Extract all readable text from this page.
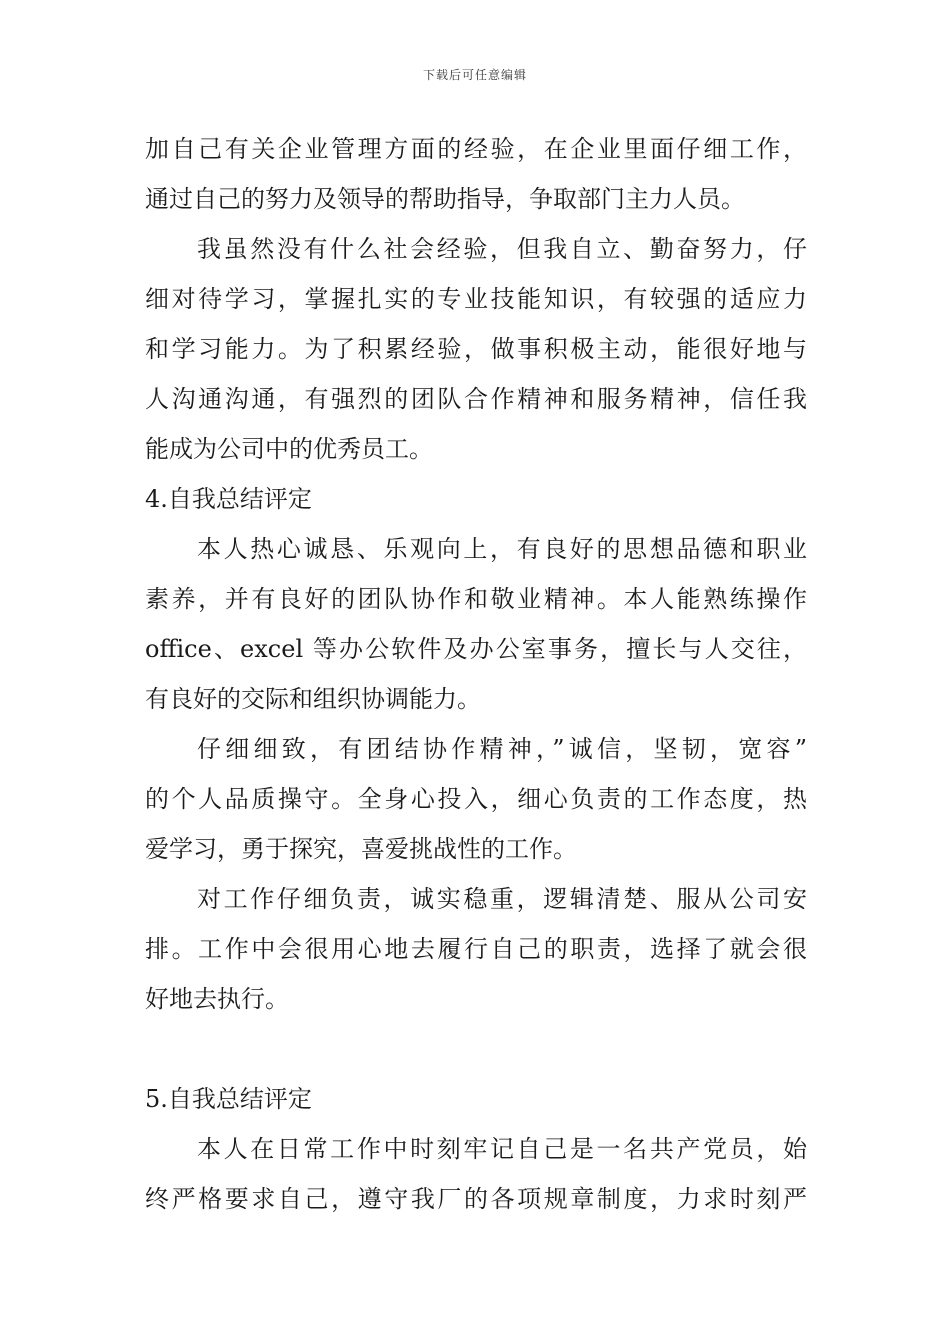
下载后可任意编辑
加自己有关企业管理方面的经验，在企业里面仔细工作，
通过自己的努力及领导的帮助指导，争取部门主力人员。
我虽然没有什么社会经验，但我自立、勤奋努力，仔
细对待学习，掌握扎实的专业技能知识，有较强的适应力
和学习能力。为了积累经验，做事积极主动，能很好地与
人沟通沟通，有强烈的团队合作精神和服务精神，信任我
能成为公司中的优秀员工。
4.自我总结评定
本人热心诚恳、乐观向上，有良好的思想品德和职业
素养，并有良好的团队协作和敬业精神。本人能熟练操作
office、excel 等办公软件及办公室事务，擅长与人交往，
有良好的交际和组织协调能力。
仔细细致，有团结协作精神，”诚信，坚韧，宽容”
的个人品质操守。全身心投入，细心负责的工作态度，热
爱学习，勇于探究，喜爱挑战性的工作。
对工作仔细负责，诚实稳重，逻辑清楚、服从公司安
排。工作中会很用心地去履行自己的职责，选择了就会很
好地去执行。
5.自我总结评定
本人在日常工作中时刻牢记自己是一名共产党员，始
终严格要求自己，遵守我厂的各项规章制度，力求时刻严
